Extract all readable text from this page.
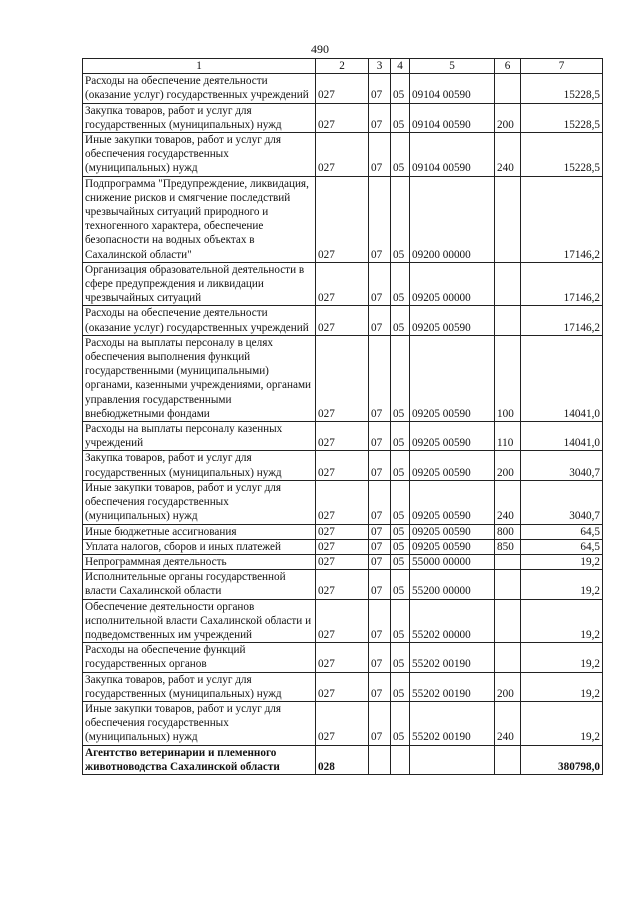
490
1	2	3	4	5	6	7
Расходы на обеспечение деятельности (оказание услуг) государственных учреждений	027	07	05	09104 00590		15228,5
Закупка товаров, работ и услуг для государственных (муниципальных) нужд	027	07	05	09104 00590	200	15228,5
Иные закупки товаров, работ и услуг для обеспечения государственных (муниципальных) нужд	027	07	05	09104 00590	240	15228,5
Подпрограмма "Предупреждение, ликвидация, снижение рисков и смягчение последствий чрезвычайных ситуаций природного и техногенного характера, обеспечение безопасности на водных объектах в Сахалинской области"	027	07	05	09200 00000		17146,2
Организация образовательной деятельности в сфере предупреждения и ликвидации чрезвычайных ситуаций	027	07	05	09205 00000		17146,2
Расходы на обеспечение деятельности (оказание услуг) государственных учреждений	027	07	05	09205 00590		17146,2
Расходы на выплаты персоналу в целях обеспечения выполнения функций государственными (муниципальными) органами, казенными учреждениями, органами управления государственными внебюджетными фондами	027	07	05	09205 00590	100	14041,0
Расходы на выплаты персоналу казенных учреждений	027	07	05	09205 00590	110	14041,0
Закупка товаров, работ и услуг для государственных (муниципальных) нужд	027	07	05	09205 00590	200	3040,7
Иные закупки товаров, работ и услуг для обеспечения государственных (муниципальных) нужд	027	07	05	09205 00590	240	3040,7
Иные бюджетные ассигнования	027	07	05	09205 00590	800	64,5
Уплата налогов, сборов и иных платежей	027	07	05	09205 00590	850	64,5
Непрограммная деятельность	027	07	05	55000 00000		19,2
Исполнительные органы государственной власти Сахалинской области	027	07	05	55200 00000		19,2
Обеспечение деятельности органов исполнительной власти Сахалинской области и подведомственных им учреждений	027	07	05	55202 00000		19,2
Расходы на обеспечение функций государственных органов	027	07	05	55202 00190		19,2
Закупка товаров, работ и услуг для государственных (муниципальных) нужд	027	07	05	55202 00190	200	19,2
Иные закупки товаров, работ и услуг для обеспечения государственных (муниципальных) нужд	027	07	05	55202 00190	240	19,2
Агентство ветеринарии и племенного животноводства Сахалинской области	028					380798,0
